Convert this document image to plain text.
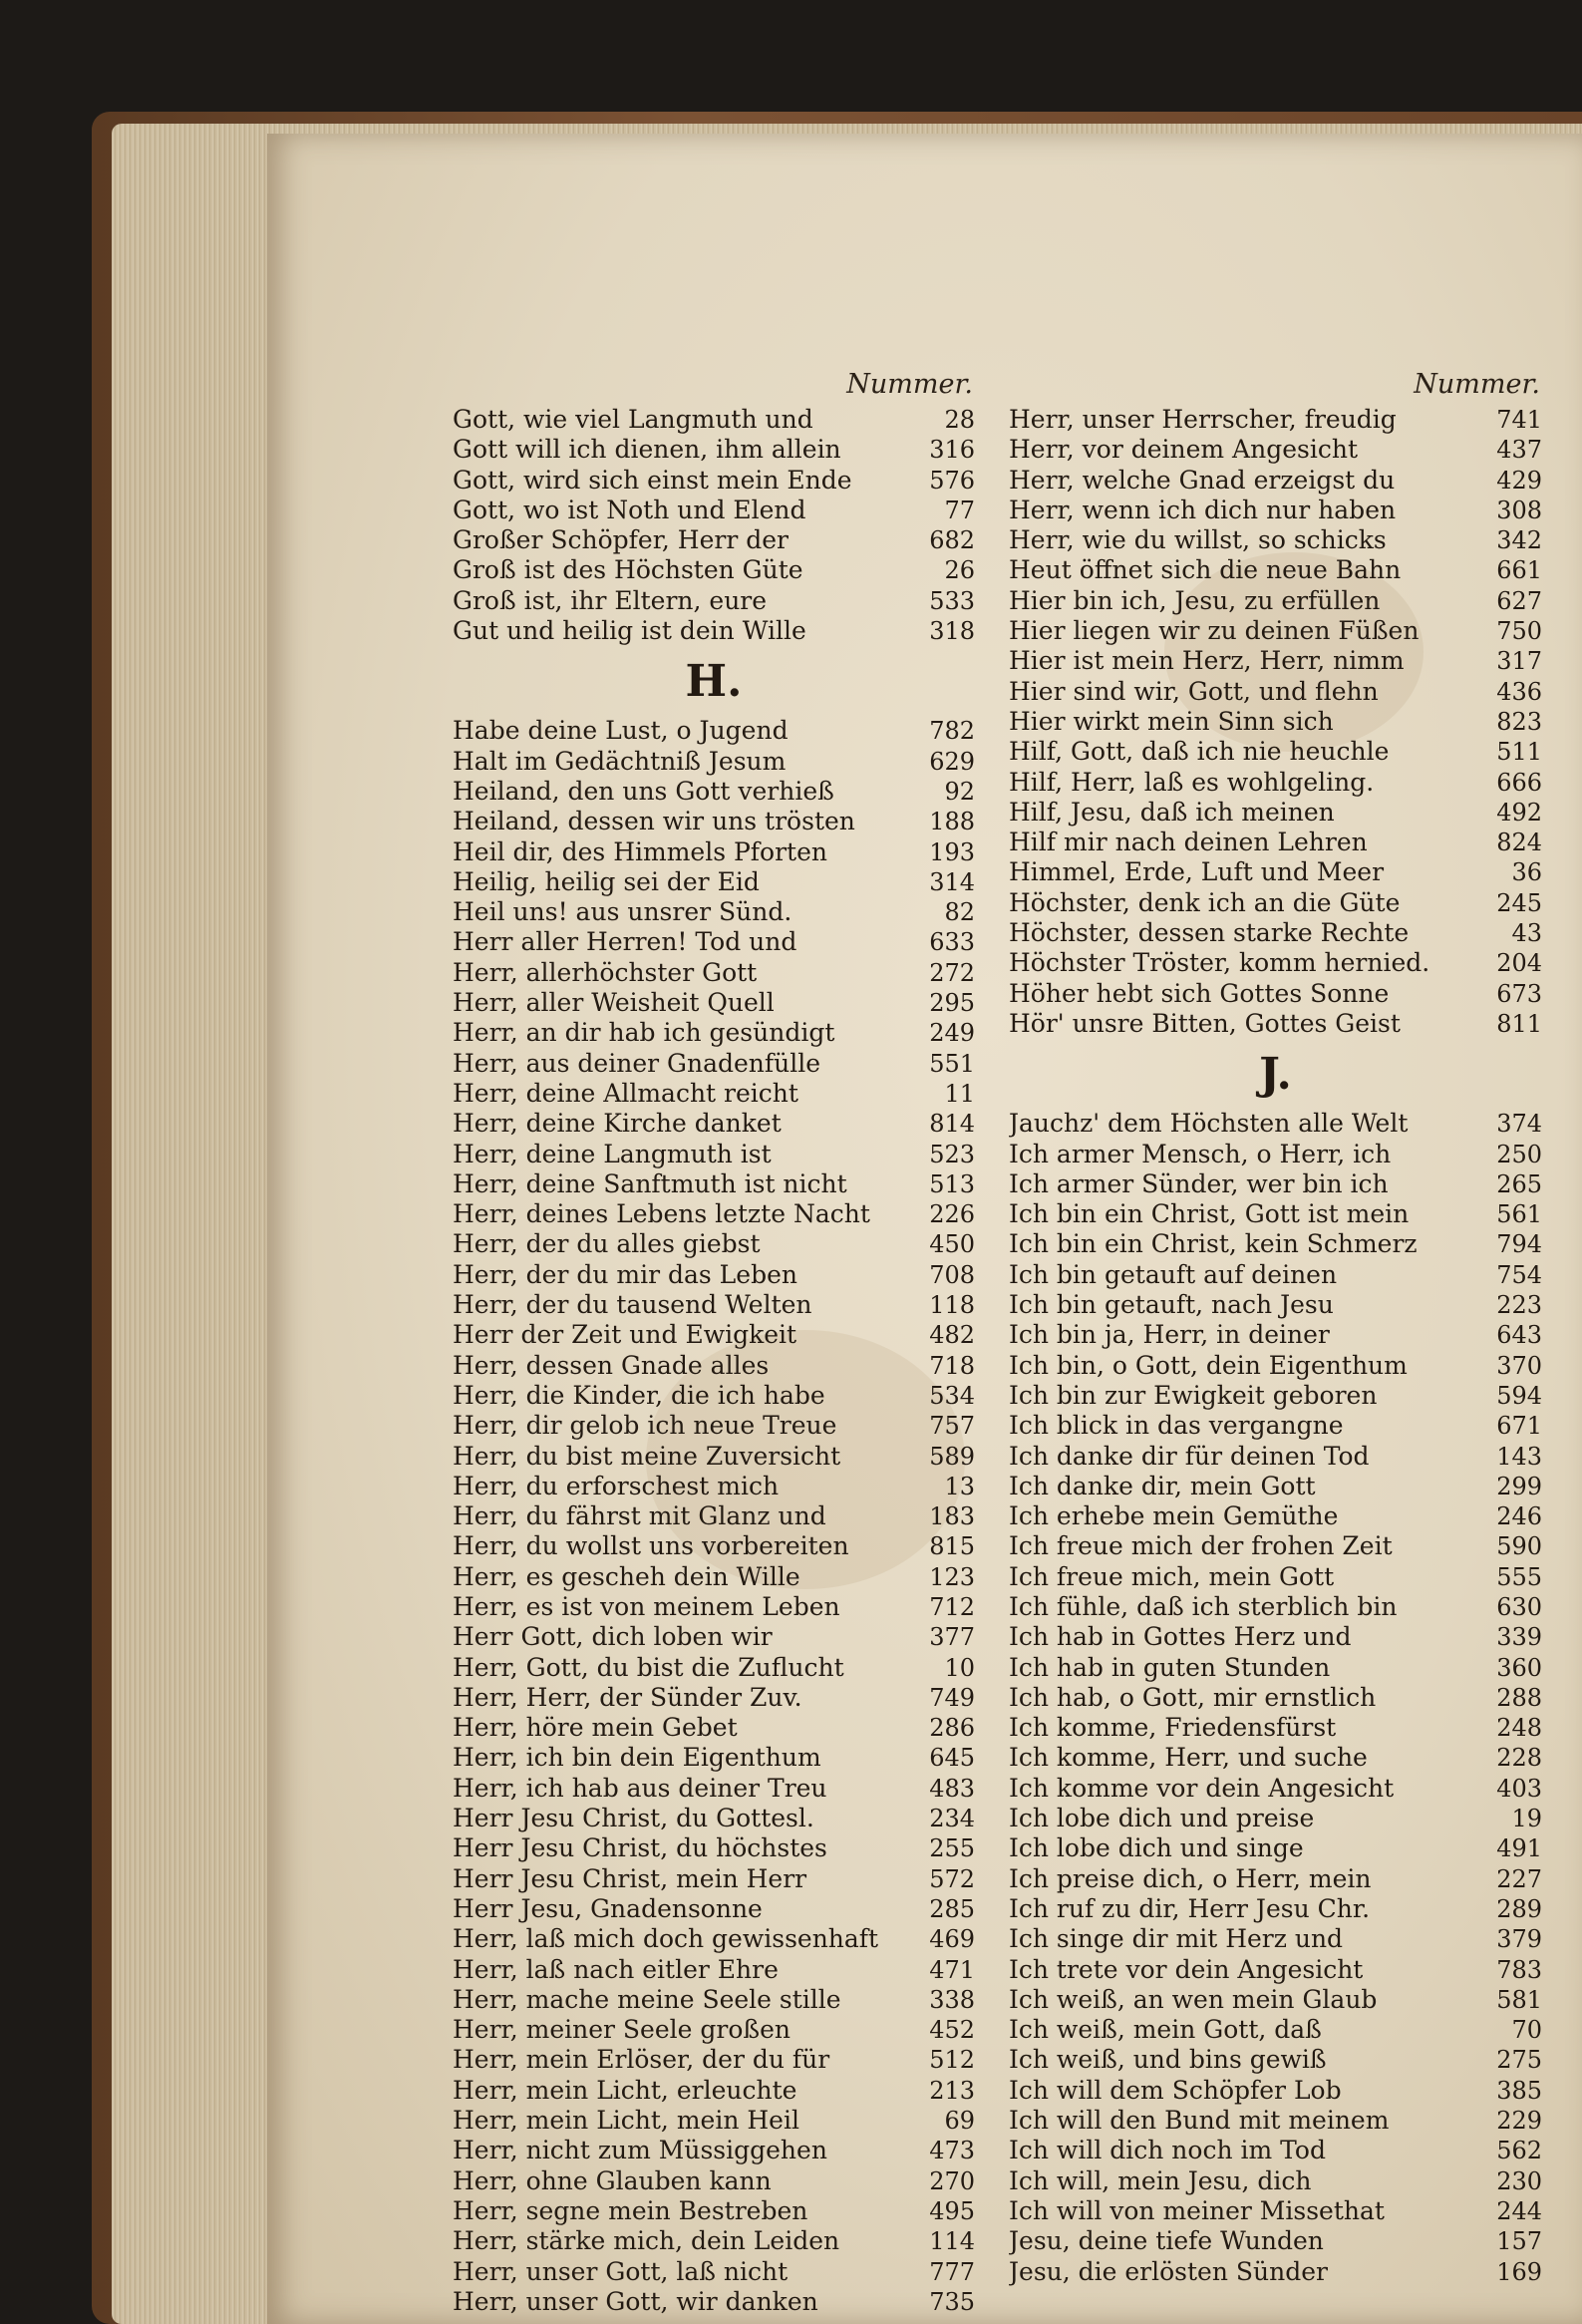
Nummer.
Gott, wie viel Langmuth und	28
Gott will ich dienen, ihm allein	316
Gott, wird sich einst mein Ende	576
Gott, wo ist Noth und Elend	77
Großer Schöpfer, Herr der	682
Groß ist des Höchsten Güte	26
Groß ist, ihr Eltern, eure	533
Gut und heilig ist dein Wille	318
H.
Habe deine Lust, o Jugend	782
Halt im Gedächtniß Jesum	629
Heiland, den uns Gott verhieß	92
Heiland, dessen wir uns trösten	188
Heil dir, des Himmels Pforten	193
Heilig, heilig sei der Eid	314
Heil uns! aus unsrer Sünd.	82
Herr aller Herren! Tod und	633
Herr, allerhöchster Gott	272
Herr, aller Weisheit Quell	295
Herr, an dir hab ich gesündigt	249
Herr, aus deiner Gnadenfülle	551
Herr, deine Allmacht reicht	11
Herr, deine Kirche danket	814
Herr, deine Langmuth ist	523
Herr, deine Sanftmuth ist nicht	513
Herr, deines Lebens letzte Nacht	226
Herr, der du alles giebst	450
Herr, der du mir das Leben	708
Herr, der du tausend Welten	118
Herr der Zeit und Ewigkeit	482
Herr, dessen Gnade alles	718
Herr, die Kinder, die ich habe	534
Herr, dir gelob ich neue Treue	757
Herr, du bist meine Zuversicht	589
Herr, du erforschest mich	13
Herr, du fährst mit Glanz und	183
Herr, du wollst uns vorbereiten	815
Herr, es gescheh dein Wille	123
Herr, es ist von meinem Leben	712
Herr Gott, dich loben wir	377
Herr, Gott, du bist die Zuflucht	10
Herr, Herr, der Sünder Zuv.	749
Herr, höre mein Gebet	286
Herr, ich bin dein Eigenthum	645
Herr, ich hab aus deiner Treu	483
Herr Jesu Christ, du Gottesl.	234
Herr Jesu Christ, du höchstes	255
Herr Jesu Christ, mein Herr	572
Herr Jesu, Gnadensonne	285
Herr, laß mich doch gewissenhaft	469
Herr, laß nach eitler Ehre	471
Herr, mache meine Seele stille	338
Herr, meiner Seele großen	452
Herr, mein Erlöser, der du für	512
Herr, mein Licht, erleuchte	213
Herr, mein Licht, mein Heil	69
Herr, nicht zum Müssiggehen	473
Herr, ohne Glauben kann	270
Herr, segne mein Bestreben	495
Herr, stärke mich, dein Leiden	114
Herr, unser Gott, laß nicht	777
Herr, unser Gott, wir danken	735
Nummer.
Herr, unser Herrscher, freudig	741
Herr, vor deinem Angesicht	437
Herr, welche Gnad erzeigst du	429
Herr, wenn ich dich nur haben	308
Herr, wie du willst, so schicks	342
Heut öffnet sich die neue Bahn	661
Hier bin ich, Jesu, zu erfüllen	627
Hier liegen wir zu deinen Füßen	750
Hier ist mein Herz, Herr, nimm	317
Hier sind wir, Gott, und flehn	436
Hier wirkt mein Sinn sich	823
Hilf, Gott, daß ich nie heuchle	511
Hilf, Herr, laß es wohlgeling.	666
Hilf, Jesu, daß ich meinen	492
Hilf mir nach deinen Lehren	824
Himmel, Erde, Luft und Meer	36
Höchster, denk ich an die Güte	245
Höchster, dessen starke Rechte	43
Höchster Tröster, komm hernied.	204
Höher hebt sich Gottes Sonne	673
Hör' unsre Bitten, Gottes Geist	811
J.
Jauchz' dem Höchsten alle Welt	374
Ich armer Mensch, o Herr, ich	250
Ich armer Sünder, wer bin ich	265
Ich bin ein Christ, Gott ist mein	561
Ich bin ein Christ, kein Schmerz	794
Ich bin getauft auf deinen	754
Ich bin getauft, nach Jesu	223
Ich bin ja, Herr, in deiner	643
Ich bin, o Gott, dein Eigenthum	370
Ich bin zur Ewigkeit geboren	594
Ich blick in das vergangne	671
Ich danke dir für deinen Tod	143
Ich danke dir, mein Gott	299
Ich erhebe mein Gemüthe	246
Ich freue mich der frohen Zeit	590
Ich freue mich, mein Gott	555
Ich fühle, daß ich sterblich bin	630
Ich hab in Gottes Herz und	339
Ich hab in guten Stunden	360
Ich hab, o Gott, mir ernstlich	288
Ich komme, Friedensfürst	248
Ich komme, Herr, und suche	228
Ich komme vor dein Angesicht	403
Ich lobe dich und preise	19
Ich lobe dich und singe	491
Ich preise dich, o Herr, mein	227
Ich ruf zu dir, Herr Jesu Chr.	289
Ich singe dir mit Herz und	379
Ich trete vor dein Angesicht	783
Ich weiß, an wen mein Glaub	581
Ich weiß, mein Gott, daß	70
Ich weiß, und bins gewiß	275
Ich will dem Schöpfer Lob	385
Ich will den Bund mit meinem	229
Ich will dich noch im Tod	562
Ich will, mein Jesu, dich	230
Ich will von meiner Missethat	244
Jesu, deine tiefe Wunden	157
Jesu, die erlösten Sünder	169
